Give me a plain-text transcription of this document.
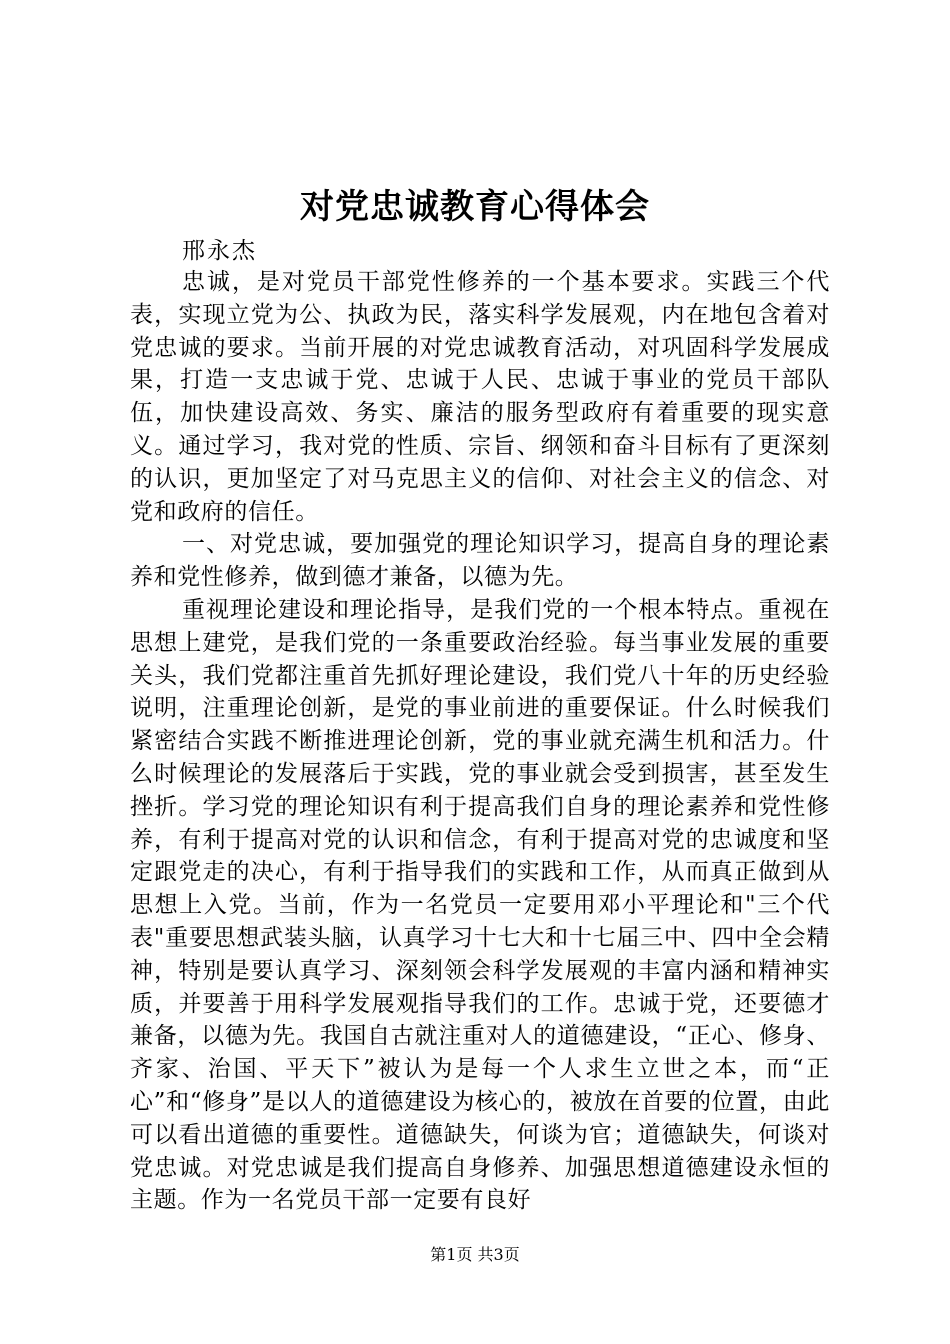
对党忠诚教育心得体会
邢永杰

忠诚，是对党员干部党性修养的一个基本要求。实践三个代表，实现立党为公、执政为民，落实科学发展观，内在地包含着对党忠诚的要求。当前开展的对党忠诚教育活动，对巩固科学发展成果，打造一支忠诚于党、忠诚于人民、忠诚于事业的党员干部队伍，加快建设高效、务实、廉洁的服务型政府有着重要的现实意义。通过学习，我对党的性质、宗旨、纲领和奋斗目标有了更深刻的认识，更加坚定了对马克思主义的信仰、对社会主义的信念、对党和政府的信任。

一、对党忠诚，要加强党的理论知识学习，提高自身的理论素养和党性修养，做到德才兼备，以德为先。

重视理论建设和理论指导，是我们党的一个根本特点。重视在思想上建党，是我们党的一条重要政治经验。每当事业发展的重要关头，我们党都注重首先抓好理论建设，我们党八十年的历史经验说明，注重理论创新，是党的事业前进的重要保证。什么时候我们紧密结合实践不断推进理论创新，党的事业就充满生机和活力。什么时候理论的发展落后于实践，党的事业就会受到损害，甚至发生挫折。学习党的理论知识有利于提高我们自身的理论素养和党性修养，有利于提高对党的认识和信念，有利于提高对党的忠诚度和坚定跟党走的决心，有利于指导我们的实践和工作，从而真正做到从思想上入党。当前，作为一名党员一定要用邓小平理论和"三个代表"重要思想武装头脑，认真学习十七大和十七届三中、四中全会精神，特别是要认真学习、深刻领会科学发展观的丰富内涵和精神实质，并要善于用科学发展观指导我们的工作。忠诚于党，还要德才兼备，以德为先。我国自古就注重对人的道德建设，“正心、修身、齐家、治国、平天下”被认为是每一个人求生立世之本，而“正心”和“修身”是以人的道德建设为核心的，被放在首要的位置，由此可以看出道德的重要性。道德缺失，何谈为官；道德缺失，何谈对党忠诚。对党忠诚是我们提高自身修养、加强思想道德建设永恒的主题。作为一名党员干部一定要有良好

第1页 共3页
